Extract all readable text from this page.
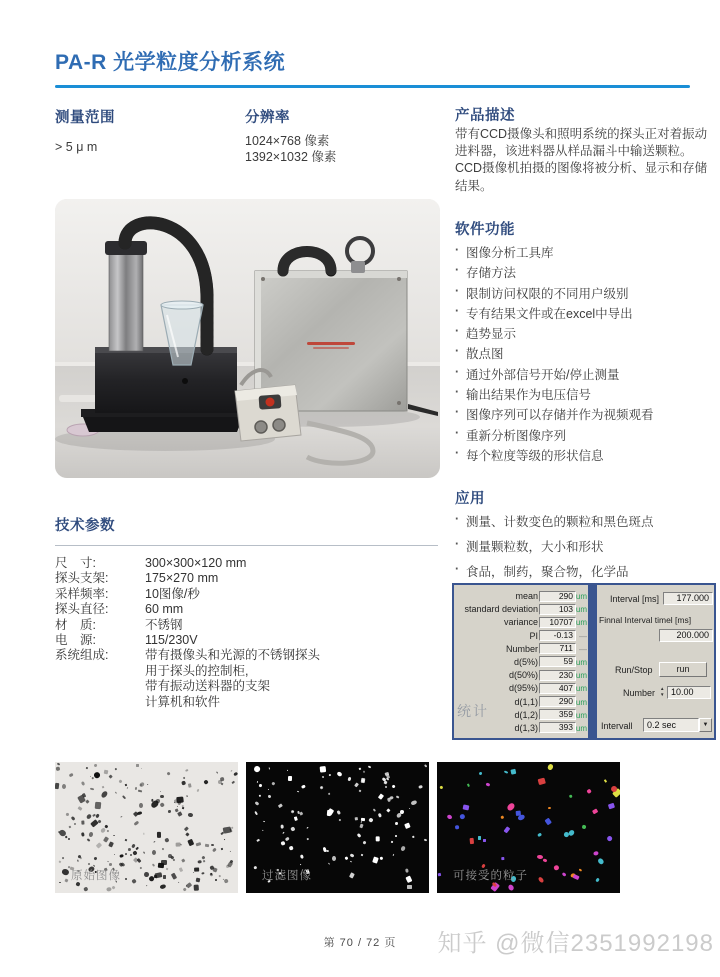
PA-R 光学粒度分析系统
测量范围
> 5 μ m
分辨率
1024×768 像素
1392×1032 像素
技术参数
尺　寸:	300×300×120 mm
探头支架:	175×270 mm
采样频率:	10图像/秒
探头直径:	60 mm
材　质:	不锈钢
电　源:	115/230V
系统组成:	带有摄像头和光源的不锈钢探头
用于探头的控制柜,
带有振动送料器的支架
计算机和软件
产品描述
带有CCD摄像头和照明系统的探头正对着振动进料器，该进料器从样品漏斗中输送颗粒。 CCD摄像机拍摄的图像将被分析、显示和存储结果。
软件功能
· 图像分析工具库
· 存储方法
· 限制访问权限的不同用户级别
· 专有结果文件或在excel中导出
· 趋势显示
· 散点图
· 通过外部信号开始/停止测量
· 输出结果作为电压信号
· 图像序列可以存储并作为视频观看
· 重新分析图像序列
· 每个粒度等级的形状信息
应用
· 测量、计数变色的颗粒和黑色斑点
· 测量颗粒数，大小和形状
· 食品，制药，聚合物，化学品
mean	290 um
standard deviation	103 um
variance	10707 um
PI	-0.13 —
Number	711 —
d(5%)	59 um
d(50%)	230 um
d(95%)	407 um
d(1,1)	290 um
d(1,2)	359 um
d(1,3)	393 um
统计
Interval [ms]	177.000
Finnal Interval timel [ms]
200.000
Run/Stop	run
Number ▲
▼ 10.00
Intervall	0.2 sec	▼
原始图像	过滤图像	可接受的粒子
第 70 / 72 页	知乎 @微信2351992198
